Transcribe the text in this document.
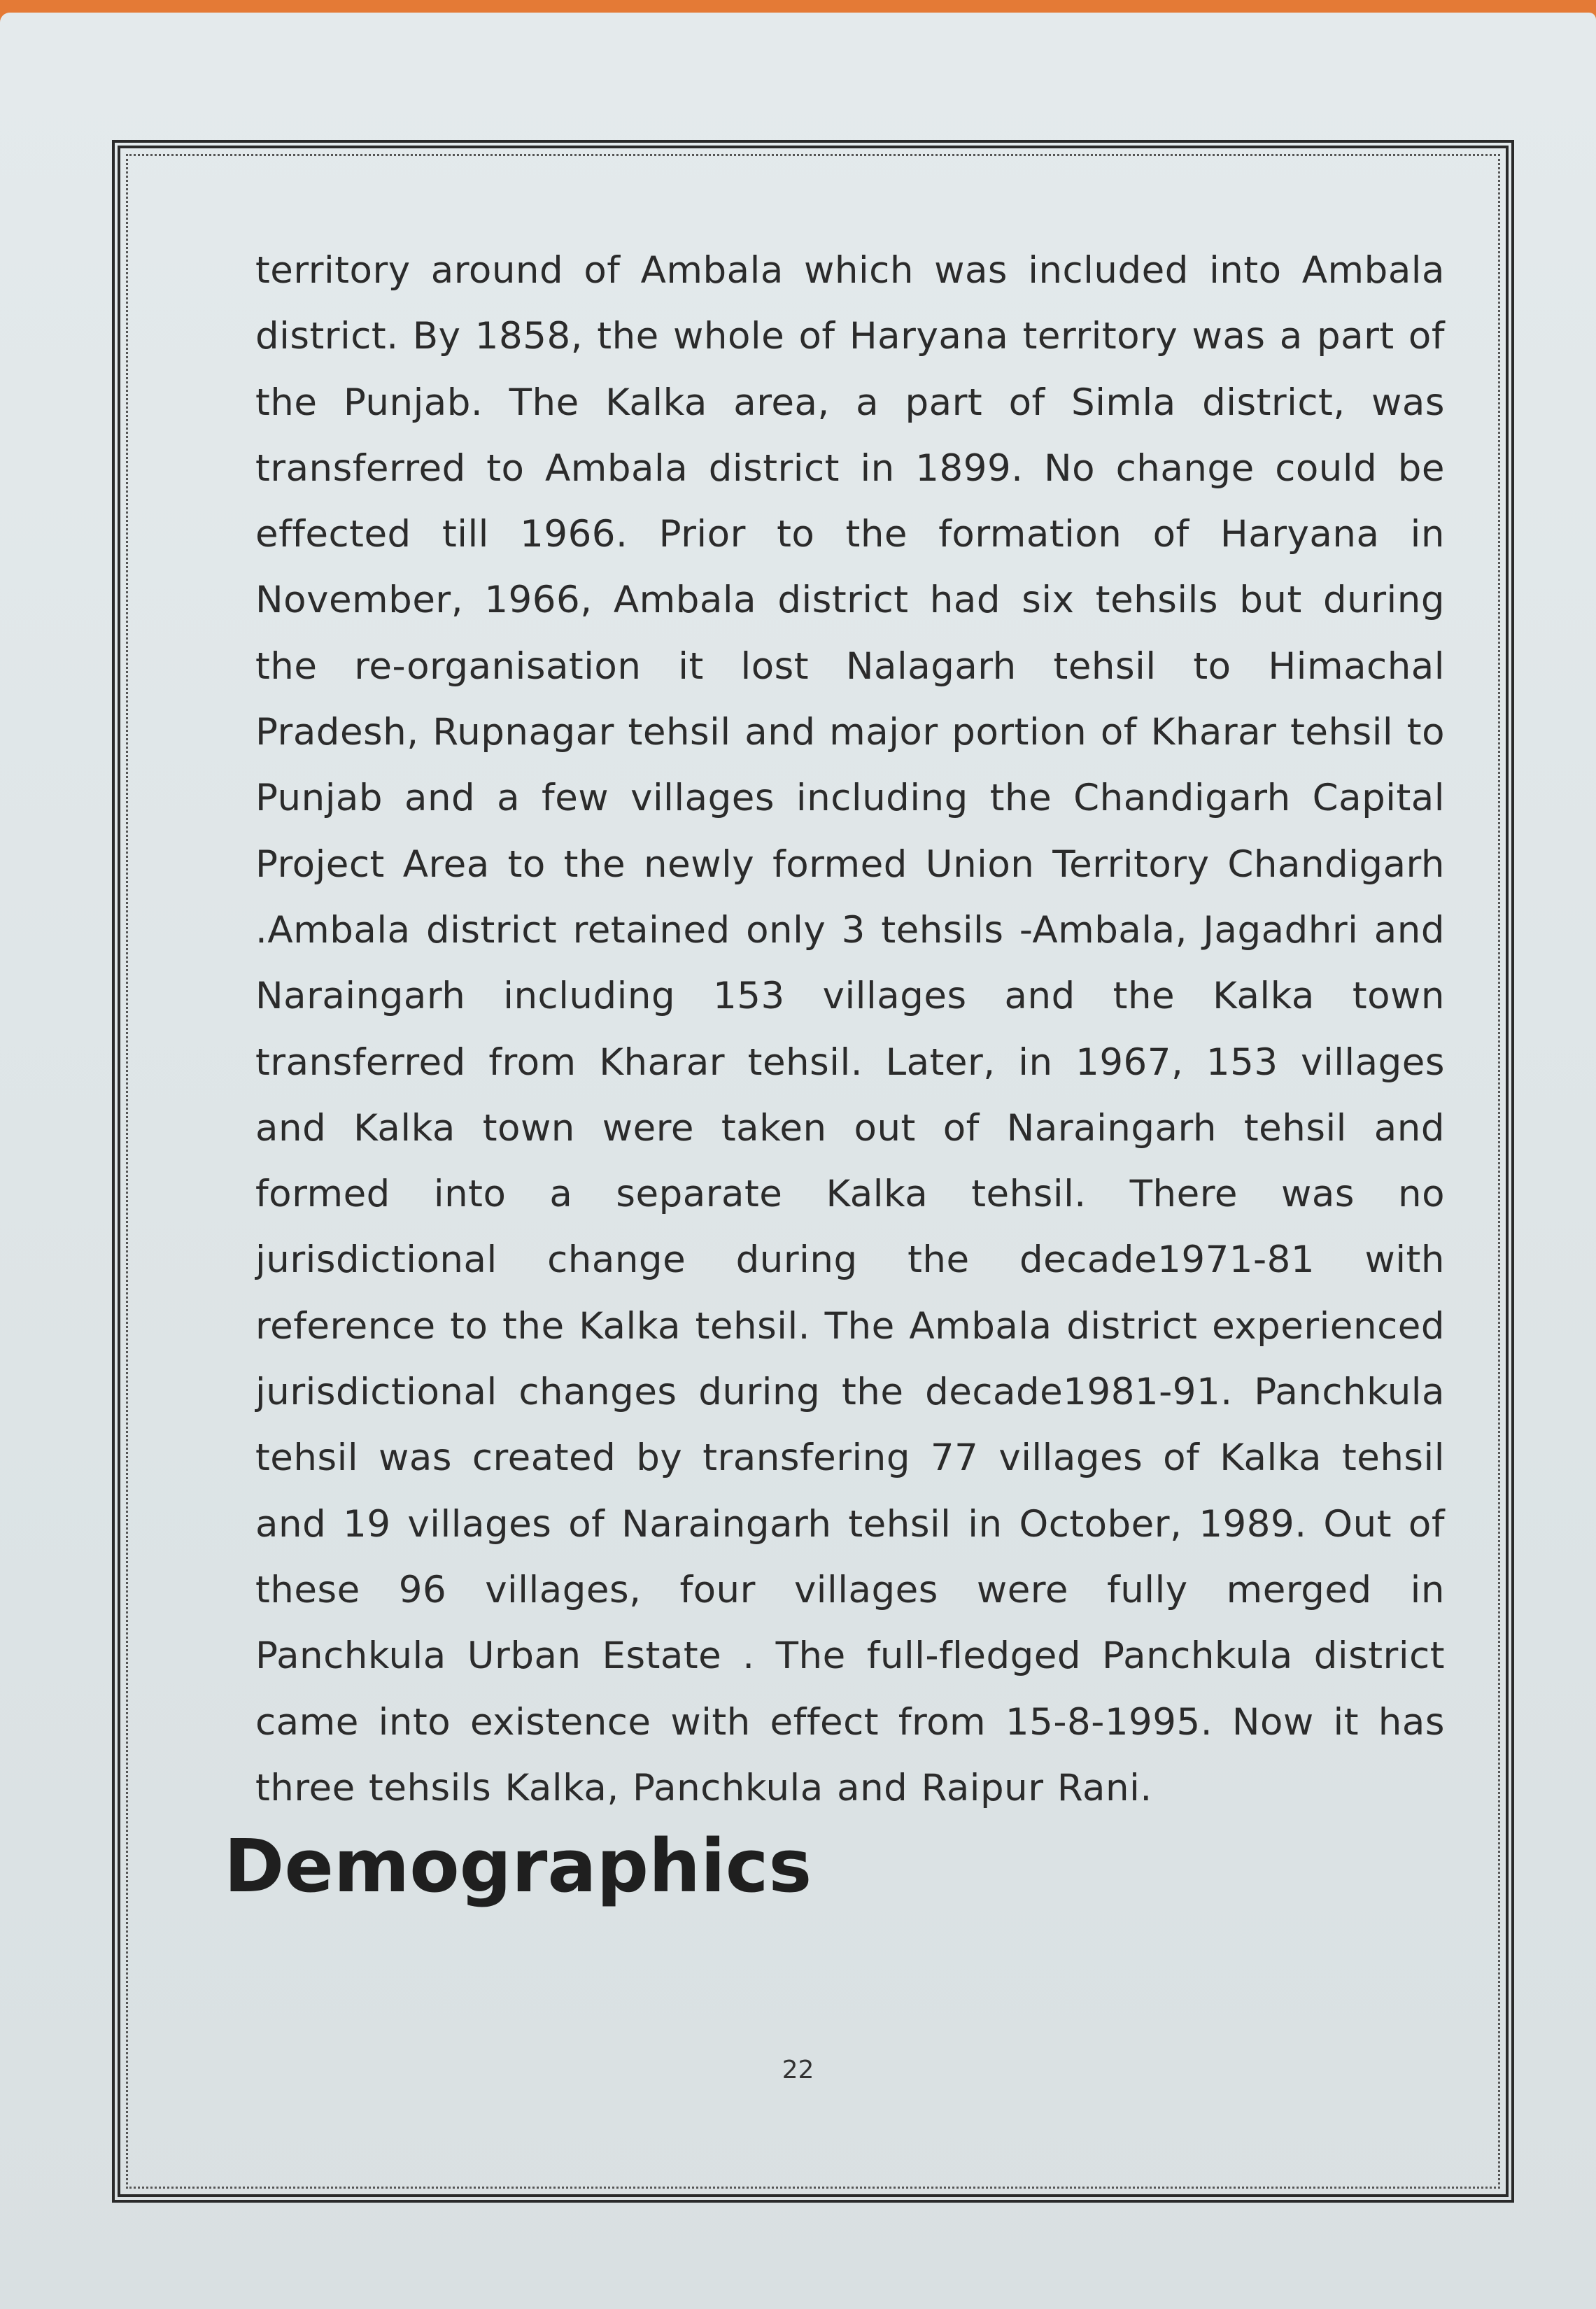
territory around of Ambala which was included into Ambala district. By 1858, the whole of Haryana territory was a part of the Punjab. The Kalka area, a part of Simla district, was transferred to Ambala district in 1899. No change could be effected till 1966. Prior to the formation of Haryana in November, 1966, Ambala district had six tehsils but during the re-organisation it lost Nalagarh tehsil to Himachal Pradesh, Rupnagar tehsil and major portion of Kharar tehsil to Punjab and a few villages including the Chandigarh Capital Project Area to the newly formed Union Territory Chandigarh .Ambala district retained only 3 tehsils -Ambala, Jagadhri and Naraingarh including 153 villages and the Kalka town transferred from Kharar tehsil. Later, in 1967, 153 villages and Kalka town were taken out of Naraingarh tehsil and formed into a separate Kalka tehsil. There was no jurisdictional change during the decade1971-81 with reference to the Kalka tehsil. The Ambala district experienced jurisdictional changes during the decade1981-91. Panchkula tehsil was created by transfering 77 villages of Kalka tehsil and 19 villages of Naraingarh tehsil in October, 1989. Out of these 96 villages, four villages were fully merged in Panchkula Urban Estate . The full-fledged Panchkula district came into existence with effect from 15-8-1995. Now it has three tehsils Kalka, Panchkula and Raipur Rani.

Demographics
22
